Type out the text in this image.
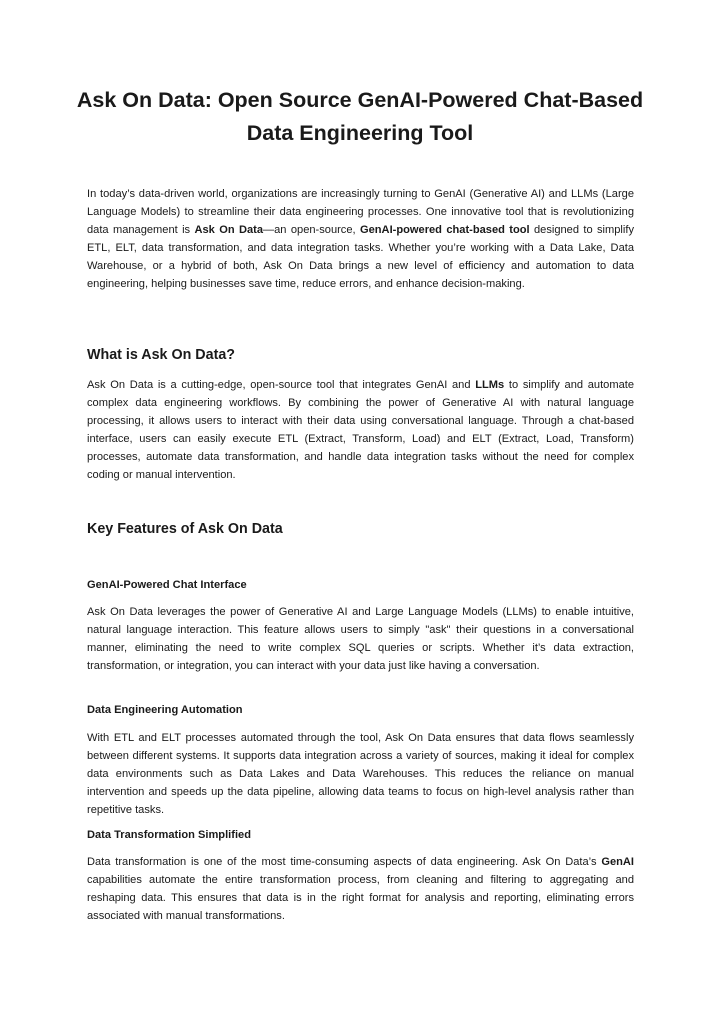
Ask On Data: Open Source GenAI-Powered Chat-Based Data Engineering Tool

In today’s data-driven world, organizations are increasingly turning to GenAI (Generative AI) and LLMs (Large Language Models) to streamline their data engineering processes. One innovative tool that is revolutionizing data management is Ask On Data—an open-source, GenAI-powered chat-based tool designed to simplify ETL, ELT, data transformation, and data integration tasks. Whether you’re working with a Data Lake, Data Warehouse, or a hybrid of both, Ask On Data brings a new level of efficiency and automation to data engineering, helping businesses save time, reduce errors, and enhance decision-making.

What is Ask On Data?

Ask On Data is a cutting-edge, open-source tool that integrates GenAI and LLMs to simplify and automate complex data engineering workflows. By combining the power of Generative AI with natural language processing, it allows users to interact with their data using conversational language. Through a chat-based interface, users can easily execute ETL (Extract, Transform, Load) and ELT (Extract, Load, Transform) processes, automate data transformation, and handle data integration tasks without the need for complex coding or manual intervention.

Key Features of Ask On Data
GenAI-Powered Chat Interface

Ask On Data leverages the power of Generative AI and Large Language Models (LLMs) to enable intuitive, natural language interaction. This feature allows users to simply "ask" their questions in a conversational manner, eliminating the need to write complex SQL queries or scripts. Whether it’s data extraction, transformation, or integration, you can interact with your data just like having a conversation.

Data Engineering Automation

With ETL and ELT processes automated through the tool, Ask On Data ensures that data flows seamlessly between different systems. It supports data integration across a variety of sources, making it ideal for complex data environments such as Data Lakes and Data Warehouses. This reduces the reliance on manual intervention and speeds up the data pipeline, allowing data teams to focus on high-level analysis rather than repetitive tasks.

Data Transformation Simplified

Data transformation is one of the most time-consuming aspects of data engineering. Ask On Data’s GenAI capabilities automate the entire transformation process, from cleaning and filtering to aggregating and reshaping data. This ensures that data is in the right format for analysis and reporting, eliminating errors associated with manual transformations.
